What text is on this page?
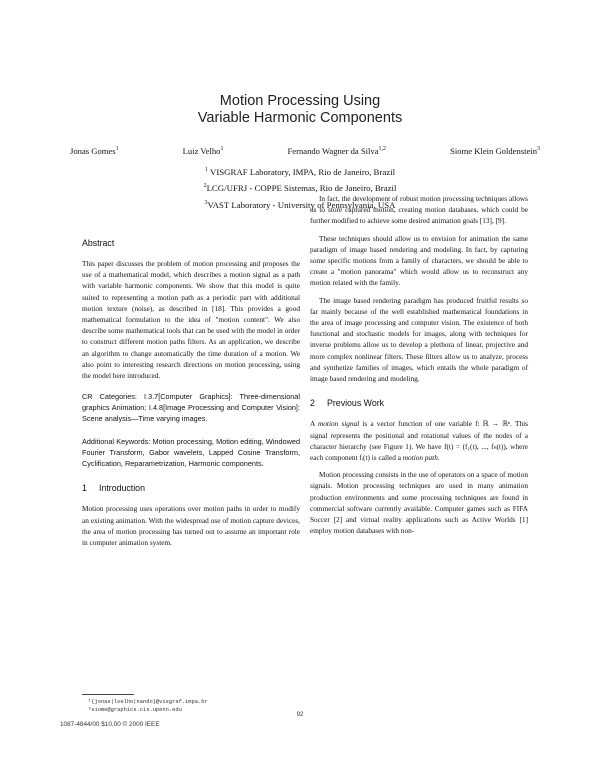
Motion Processing Using
Variable Harmonic Components
Jonas Gomes$^1$	Luiz Velho$^1$	Fernando Wagner da Silva$^{1,2}$	Siome Klein Goldenstein$^3$
$^1$ VISGRAF Laboratory, IMPA, Rio de Janeiro, Brazil
$^2$LCG/UFRJ - COPPE Sistemas, Rio de Janeiro, Brazil
$^3$VAST Laboratory - University of Pennsylvania, USA
Abstract

This paper discusses the problem of motion processing and proposes the use of a mathematical model, which describes a motion signal as a path with variable harmonic components. We show that this model is quite suited to representing a motion path as a periodic part with additional motion texture (noise), as described in [18]. This provides a good mathematical formulation to the idea of "motion content". We also describe some mathematical tools that can be used with the model in order to construct different motion paths filters. As an application, we describe an algorithm to change automatically the time duration of a motion. We also point to interesting research directions on motion processing, using the model here introduced.

CR Categories: I.3.7[Computer Graphics]: Three-dimensional graphics Animation; I.4.8[Image Processing and Computer Vision]: Scene analysis—Time varying images.
Additional Keywords: Motion processing, Motion editing, Windowed Fourier Transform, Gabor wavelets, Lapped Cosine Transform, Cyclification, Reparametrization, Harmonic components.
1 Introduction

Motion processing uses operations over motion paths in order to modify an existing animation. With the widespread use of motion capture devices, the area of motion processing has turned out to assume an important role in computer animation system.

In fact, the development of robust motion processing techniques allows us to store captured motion, creating motion databases, which could be further modified to achieve some desired animation goals [13], [9].

These techniques should allow us to envision for animation the same paradigm of image based rendering and modeling. In fact, by capturing some specific motions from a family of characters, we should be able to create a "motion panorama" which would allow us to reconstruct any motion related with the family.

The image based rendering paradigm has produced fruitful results so far mainly because of the well established mathematical foundations in the area of image processing and computer vision. The existence of both functional and stochastic models for images, along with techniques for inverse problems allow us to develop a plethora of linear, projective and more complex nonlinear filters. These filters allow us to analyze, process and synthetize families of images, which entails the whole paradigm of image based rendering and modeling.

2 Previous Work

A motion signal is a vector function of one variable f: ℝ → ℝⁿ. This signal represents the positional and rotational values of the nodes of a character hierarchy (see Figure 1). We have f(t) = (f₁(t), ..., fₙ(t)), where each component fᵢ(t) is called a motion path.

Motion processing consists in the use of operators on a space of motion signals. Motion processing techniques are used in many animation production environments and some processing techniques are found in commercial software currently available. Computer games such as FIFA Soccer [2] and virtual reality applications such as Active Worlds [1] employ motion databases with non-

¹{jonas|lvelho|nando}@visgraf.impa.br
³siome@graphics.cis.upenn.edu
92
1087-4844/00 $10.00 © 2000 IEEE
